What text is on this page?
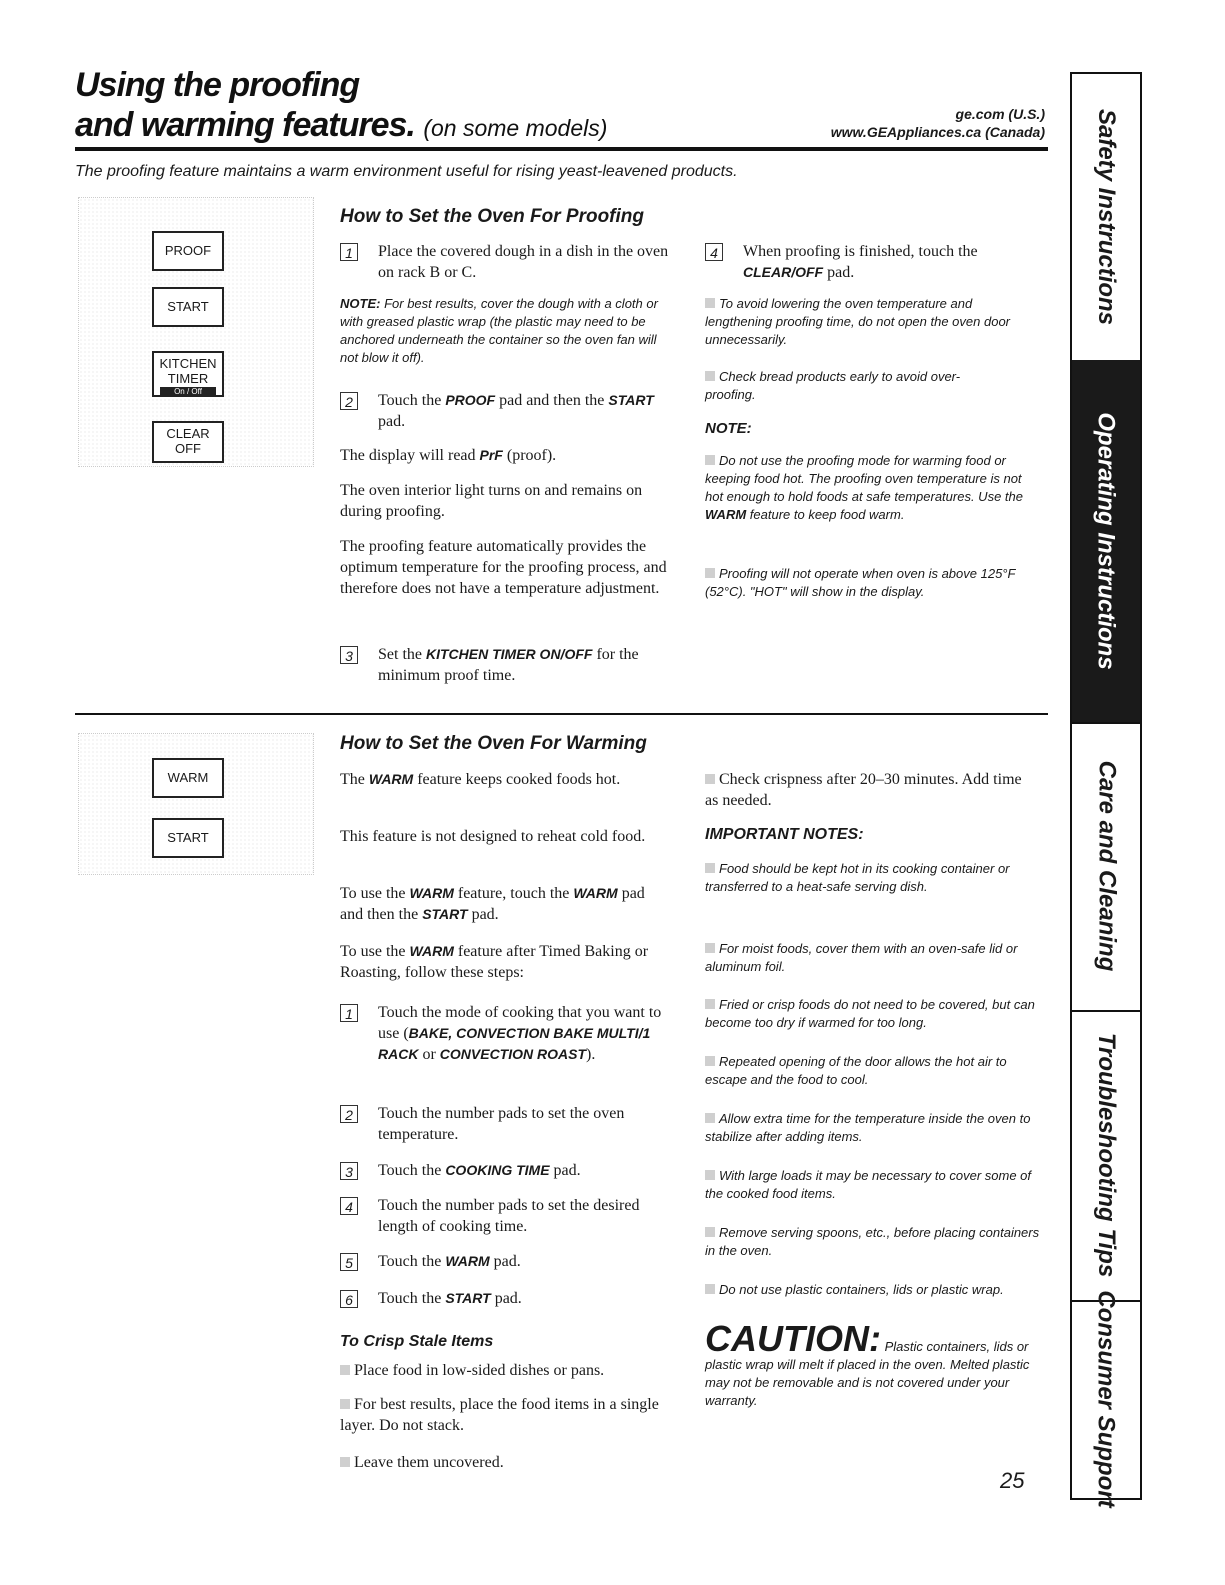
Using the proofing
and warming features. (on some models)
ge.com (U.S.)
www.GEAppliances.ca (Canada)
The proofing feature maintains a warm environment useful for rising yeast-leavened products.
PROOF
START
KITCHEN
TIMER
On / Off
CLEAR
OFF
How to Set the Oven For Proofing
1	Place the covered dough in a dish in the oven on rack B or C.
NOTE: For best results, cover the dough with a cloth or with greased plastic wrap (the plastic may need to be anchored underneath the container so the oven fan will not blow it off).
2	Touch the PROOF pad and then the START pad.
The display will read PrF (proof).
The oven interior light turns on and remains on during proofing.
The proofing feature automatically provides the optimum temperature for the proofing process, and therefore does not have a temperature adjustment.
3	Set the KITCHEN TIMER ON/OFF for the minimum proof time.
4	When proofing is finished, touch the CLEAR/OFF pad.
To avoid lowering the oven temperature and lengthening proofing time, do not open the oven door unnecessarily.
Check bread products early to avoid over-proofing.
NOTE:
Do not use the proofing mode for warming food or keeping food hot. The proofing oven temperature is not hot enough to hold foods at safe temperatures. Use the WARM feature to keep food warm.
Proofing will not operate when oven is above 125°F (52°C). "HOT" will show in the display.
WARM
START
How to Set the Oven For Warming
The WARM feature keeps cooked foods hot.
This feature is not designed to reheat cold food.
To use the WARM feature, touch the WARM pad and then the START pad.
To use the WARM feature after Timed Baking or Roasting, follow these steps:
1	Touch the mode of cooking that you want to use (BAKE, CONVECTION BAKE MULTI/1 RACK or CONVECTION ROAST).
2	Touch the number pads to set the oven temperature.
3	Touch the COOKING TIME pad.
4	Touch the number pads to set the desired length of cooking time.
5	Touch the WARM pad.
6	Touch the START pad.
To Crisp Stale Items
Place food in low-sided dishes or pans.
For best results, place the food items in a single layer. Do not stack.
Leave them uncovered.
Check crispness after 20–30 minutes. Add time as needed.
IMPORTANT NOTES:
Food should be kept hot in its cooking container or transferred to a heat-safe serving dish.
For moist foods, cover them with an oven-safe lid or aluminum foil.
Fried or crisp foods do not need to be covered, but can become too dry if warmed for too long.
Repeated opening of the door allows the hot air to escape and the food to cool.
Allow extra time for the temperature inside the oven to stabilize after adding items.
With large loads it may be necessary to cover some of the cooked food items.
Remove serving spoons, etc., before placing containers in the oven.
Do not use plastic containers, lids or plastic wrap.
CAUTION: Plastic containers, lids or plastic wrap will melt if placed in the oven. Melted plastic may not be removable and is not covered under your warranty.
25
Safety Instructions
Operating Instructions
Care and Cleaning
Troubleshooting Tips
Consumer Support
